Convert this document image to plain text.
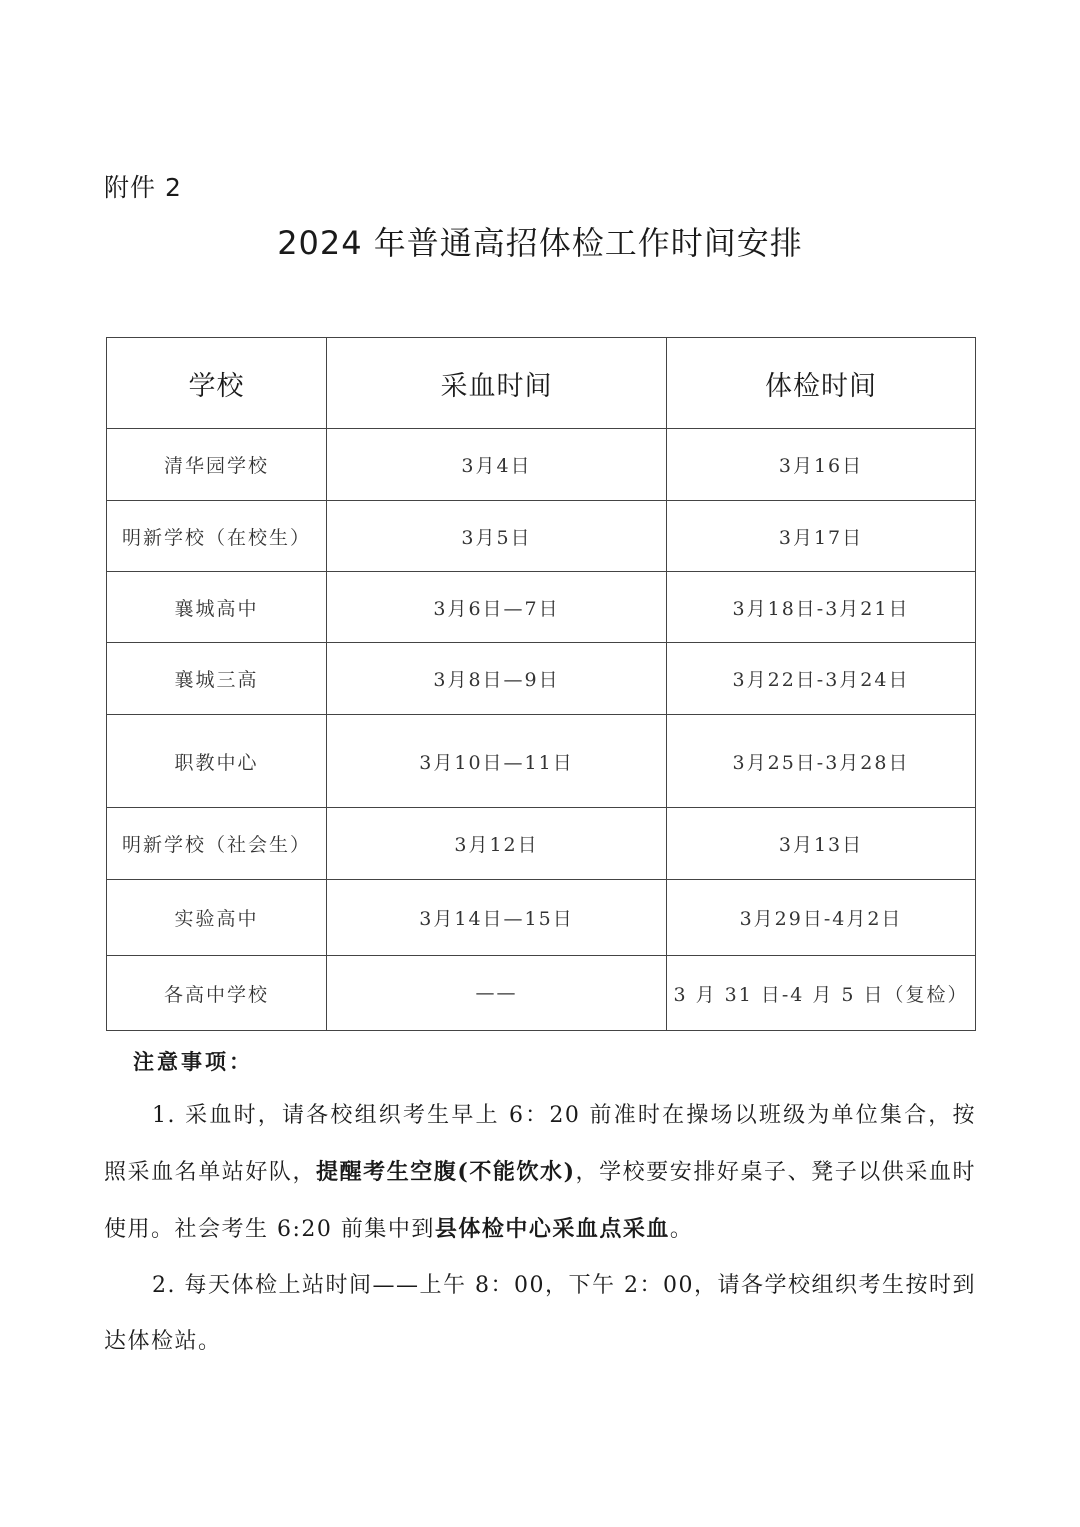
附件 2
2024 年普通高招体检工作时间安排
学校	采血时间	体检时间
清华园学校	3月4日	3月16日
明新学校（在校生）	3月5日	3月17日
襄城高中	3月6日—7日	3月18日-3月21日
襄城三高	3月8日—9日	3月22日-3月24日
职教中心	3月10日—11日	3月25日-3月28日
明新学校（社会生）	3月12日	3月13日
实验高中	3月14日—15日	3月29日-4月2日
各高中学校	——	3 月 31 日-4 月 5 日（复检）
注意事项：
1. 采血时，请各校组织考生早上 6：20 前准时在操场以班级为单位集合，按照采血名单站好队，提醒考生空腹(不能饮水)，学校要安排好桌子、凳子以供采血时使用。社会考生 6:20 前集中到县体检中心采血点采血。
2. 每天体检上站时间——上午 8：00，下午 2：00，请各学校组织考生按时到达体检站。
